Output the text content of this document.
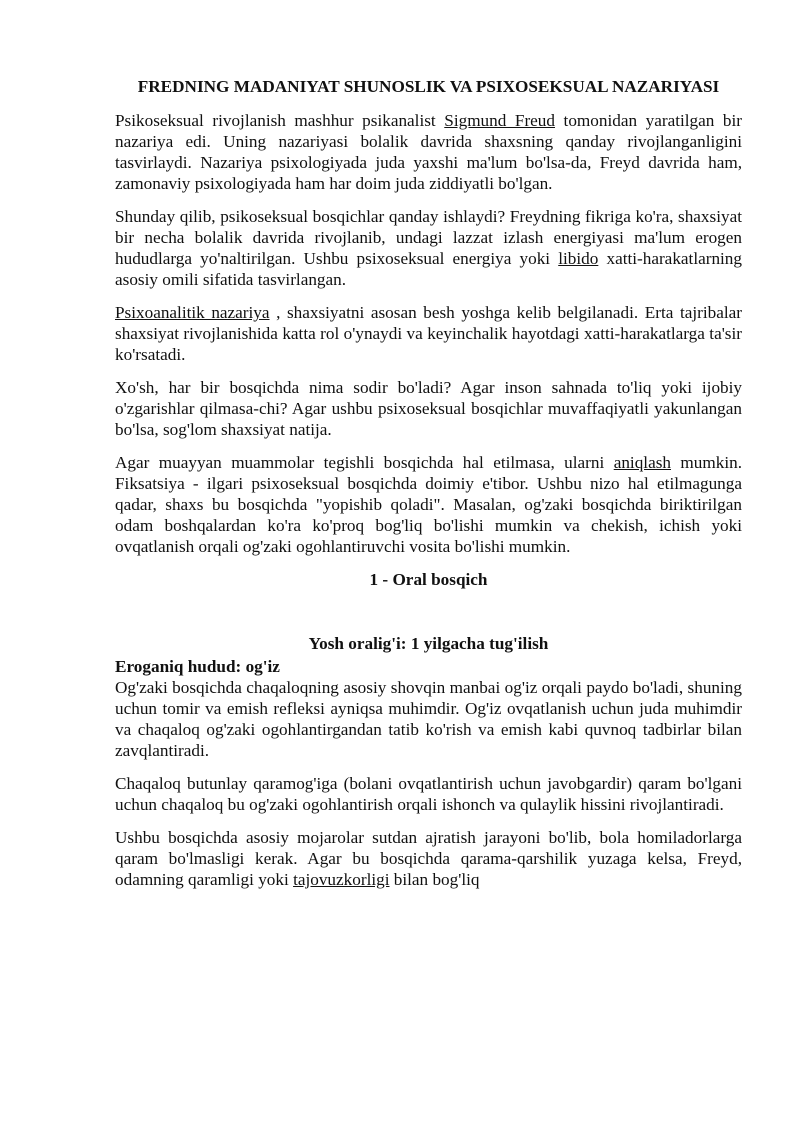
FREDNING MADANIYAT SHUNOSLIK VA PSIXOSEKSUAL NAZARIYASI

Psikoseksual rivojlanish mashhur psikanalist Sigmund Freud tomonidan yaratilgan bir nazariya edi. Uning nazariyasi bolalik davrida shaxsning qanday rivojlanganligini tasvirlaydi. Nazariya psixologiyada juda yaxshi ma'lum bo'lsa-da, Freyd davrida ham, zamonaviy psixologiyada ham har doim juda ziddiyatli bo'lgan.

Shunday qilib, psikoseksual bosqichlar qanday ishlaydi? Freydning fikriga ko'ra, shaxsiyat bir necha bolalik davrida rivojlanib, undagi lazzat izlash energiyasi ma'lum erogen hududlarga yo'naltirilgan. Ushbu psixoseksual energiya yoki libido xatti-harakatlarning asosiy omili sifatida tasvirlangan.

Psixoanalitik nazariya , shaxsiyatni asosan besh yoshga kelib belgilanadi. Erta tajribalar shaxsiyat rivojlanishida katta rol o'ynaydi va keyinchalik hayotdagi xatti-harakatlarga ta'sir ko'rsatadi.

Xo'sh, har bir bosqichda nima sodir bo'ladi? Agar inson sahnada to'liq yoki ijobiy o'zgarishlar qilmasa-chi? Agar ushbu psixoseksual bosqichlar muvaffaqiyatli yakunlangan bo'lsa, sog'lom shaxsiyat natija.

Agar muayyan muammolar tegishli bosqichda hal etilmasa, ularni aniqlash mumkin. Fiksatsiya - ilgari psixoseksual bosqichda doimiy e'tibor. Ushbu nizo hal etilmagunga qadar, shaxs bu bosqichda "yopishib qoladi". Masalan, og'zaki bosqichda biriktirilgan odam boshqalardan ko'ra ko'proq bog'liq bo'lishi mumkin va chekish, ichish yoki ovqatlanish orqali og'zaki ogohlantiruvchi vosita bo'lishi mumkin.

1 - Oral bosqich
Yosh oralig'i: 1 yilgacha tug'ilish
Eroganiq hudud: og'iz

Og'zaki bosqichda chaqaloqning asosiy shovqin manbai og'iz orqali paydo bo'ladi, shuning uchun tomir va emish refleksi ayniqsa muhimdir. Og'iz ovqatlanish uchun juda muhimdir va chaqaloq og'zaki ogohlantirgandan tatib ko'rish va emish kabi quvnoq tadbirlar bilan zavqlantiradi.

Chaqaloq butunlay qaramog'iga (bolani ovqatlantirish uchun javobgardir) qaram bo'lgani uchun chaqaloq bu og'zaki ogohlantirish orqali ishonch va qulaylik hissini rivojlantiradi.

Ushbu bosqichda asosiy mojarolar sutdan ajratish jarayoni bo'lib, bola homiladorlarga qaram bo'lmasligi kerak. Agar bu bosqichda qarama-qarshilik yuzaga kelsa, Freyd, odamning qaramligi yoki tajovuzkorligi bilan bog'liq
